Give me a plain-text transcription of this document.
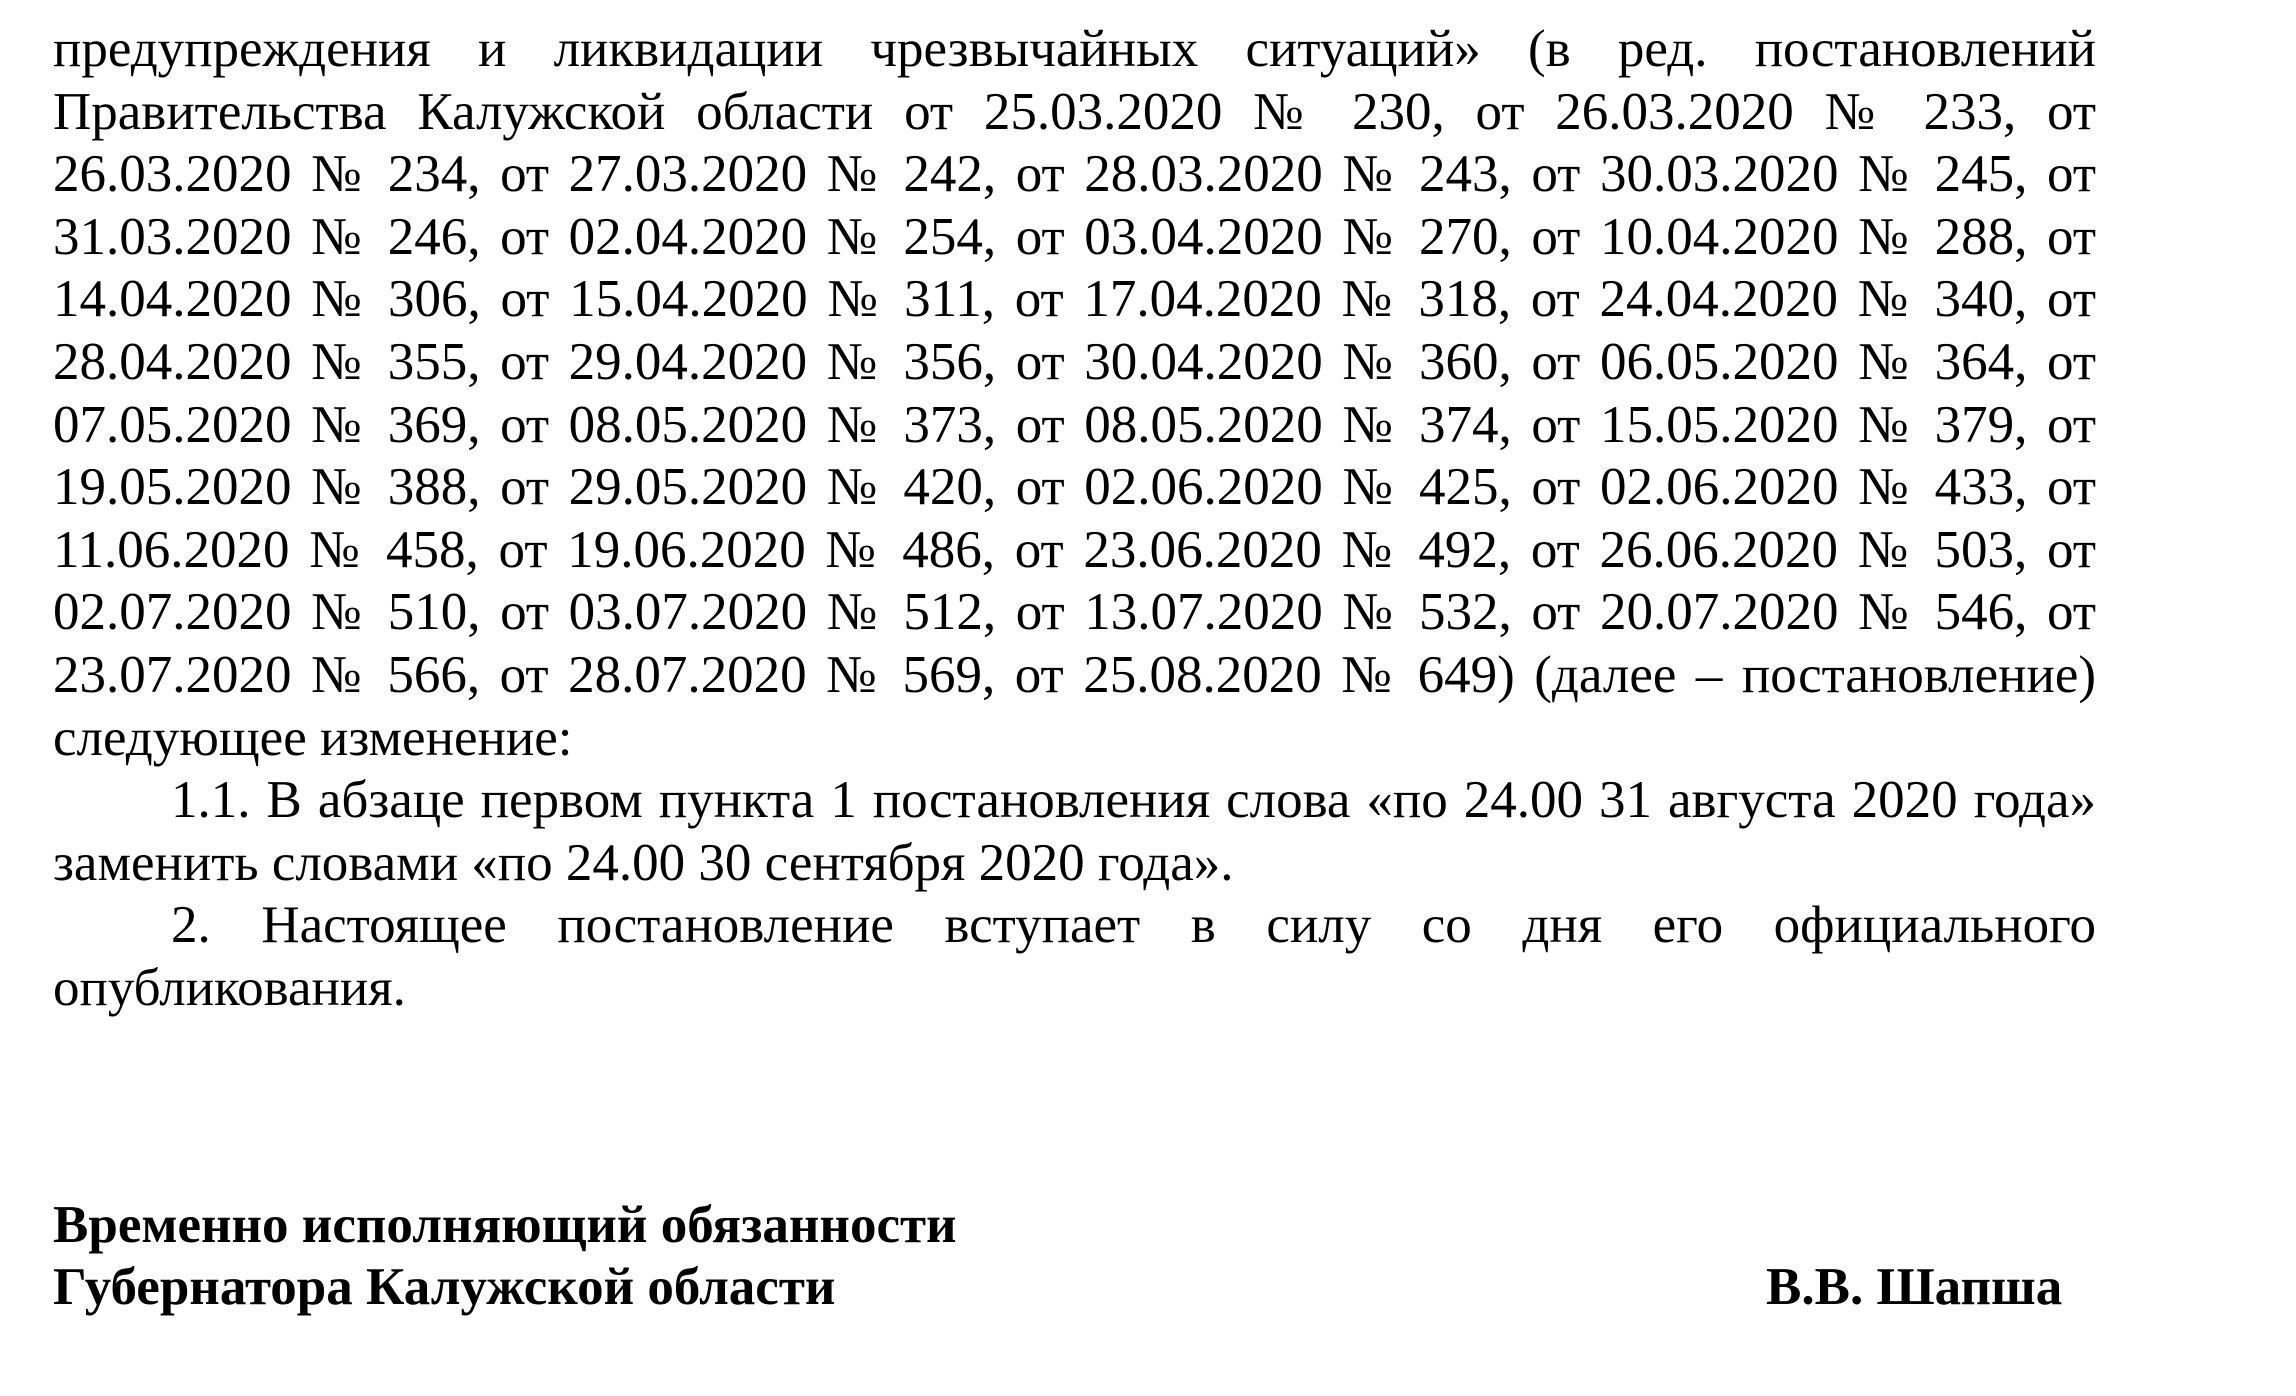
предупреждения и ликвидации чрезвычайных ситуаций» (в ред. постановлений Правительства Калужской области от 25.03.2020 № 230, от 26.03.2020 № 233, от 26.03.2020 № 234, от 27.03.2020 № 242, от 28.03.2020 № 243, от 30.03.2020 № 245, от 31.03.2020 № 246, от 02.04.2020 № 254, от 03.04.2020 № 270, от 10.04.2020 № 288, от 14.04.2020 № 306, от 15.04.2020 № 311, от 17.04.2020 № 318, от 24.04.2020 № 340, от 28.04.2020 № 355, от 29.04.2020 № 356, от 30.04.2020 № 360, от 06.05.2020 № 364, от 07.05.2020 № 369, от 08.05.2020 № 373, от 08.05.2020 № 374, от 15.05.2020 № 379, от 19.05.2020 № 388, от 29.05.2020 № 420, от 02.06.2020 № 425, от 02.06.2020 № 433, от 11.06.2020 № 458, от 19.06.2020 № 486, от 23.06.2020 № 492, от 26.06.2020 № 503, от 02.07.2020 № 510, от 03.07.2020 № 512, от 13.07.2020 № 532, от 20.07.2020 № 546, от 23.07.2020 № 566, от 28.07.2020 № 569, от 25.08.2020 № 649) (далее – постановление) следующее изменение:

1.1. В абзаце первом пункта 1 постановления слова «по 24.00 31 августа 2020 года» заменить словами «по 24.00 30 сентября 2020 года».

2. Настоящее постановление вступает в силу со дня его официального опубликования.

Временно исполняющий обязанности
Губернатора Калужской области	В.В. Шапша
